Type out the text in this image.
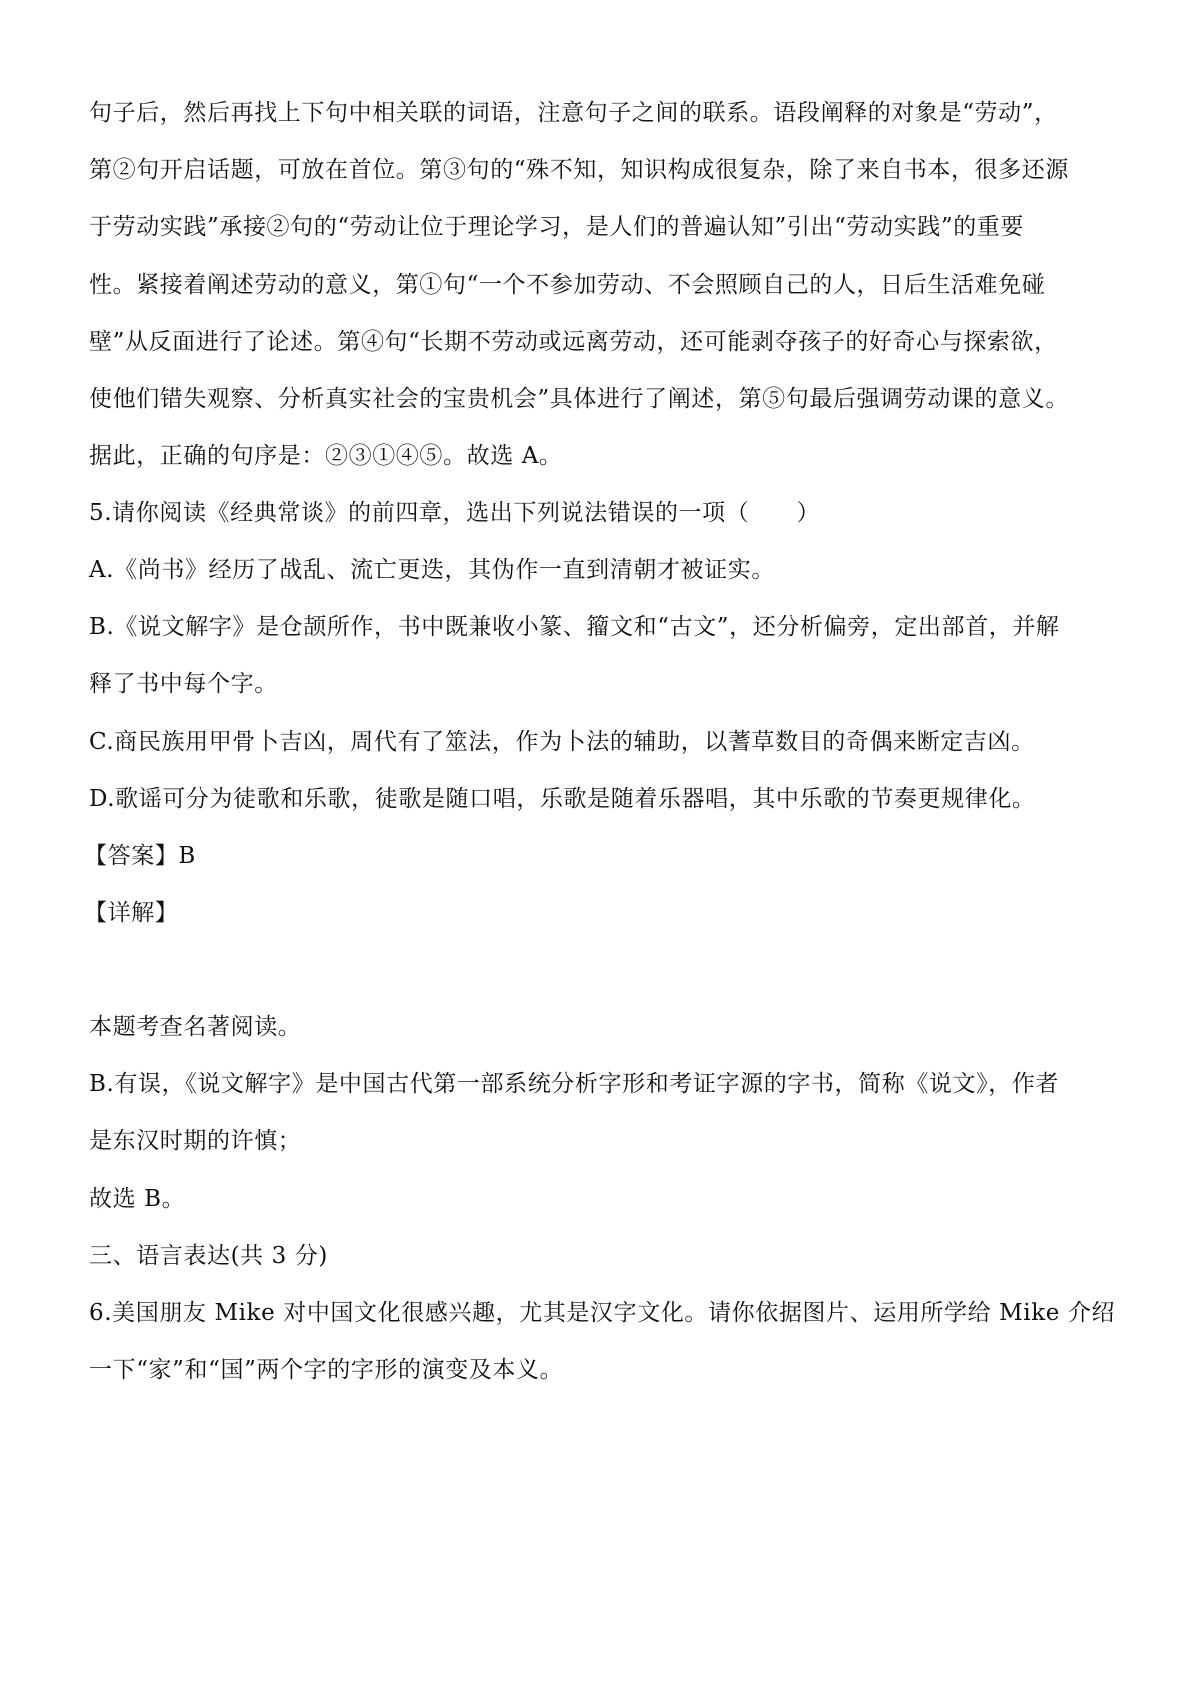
句子后，然后再找上下句中相关联的词语，注意句子之间的联系。语段阐释的对象是“劳动”，
第②句开启话题，可放在首位。第③句的“殊不知，知识构成很复杂，除了来自书本，很多还源
于劳动实践”承接②句的“劳动让位于理论学习，是人们的普遍认知”引出“劳动实践”的重要
性。紧接着阐述劳动的意义，第①句“一个不参加劳动、不会照顾自己的人，日后生活难免碰
壁”从反面进行了论述。第④句“长期不劳动或远离劳动，还可能剥夺孩子的好奇心与探索欲，
使他们错失观察、分析真实社会的宝贵机会”具体进行了阐述，第⑤句最后强调劳动课的意义。
据此，正确的句序是：②③①④⑤。故选 A。
5.请你阅读《经典常谈》的前四章，选出下列说法错误的一项（　　）
A.《尚书》经历了战乱、流亡更迭，其伪作一直到清朝才被证实。
B.《说文解字》是仓颉所作，书中既兼收小篆、籀文和“古文”，还分析偏旁，定出部首，并解
释了书中每个字。
C.商民族用甲骨卜吉凶，周代有了筮法，作为卜法的辅助，以蓍草数目的奇偶来断定吉凶。
D.歌谣可分为徒歌和乐歌，徒歌是随口唱，乐歌是随着乐器唱，其中乐歌的节奏更规律化。
【答案】B
【详解】
本题考查名著阅读。
B.有误，《说文解字》是中国古代第一部系统分析字形和考证字源的字书，简称《说文》，作者
是东汉时期的许慎；
故选 B。
三、语言表达(共 3 分)
6.美国朋友 Mike 对中国文化很感兴趣，尤其是汉字文化。请你依据图片、运用所学给 Mike 介绍
一下“家”和“国”两个字的字形的演变及本义。
